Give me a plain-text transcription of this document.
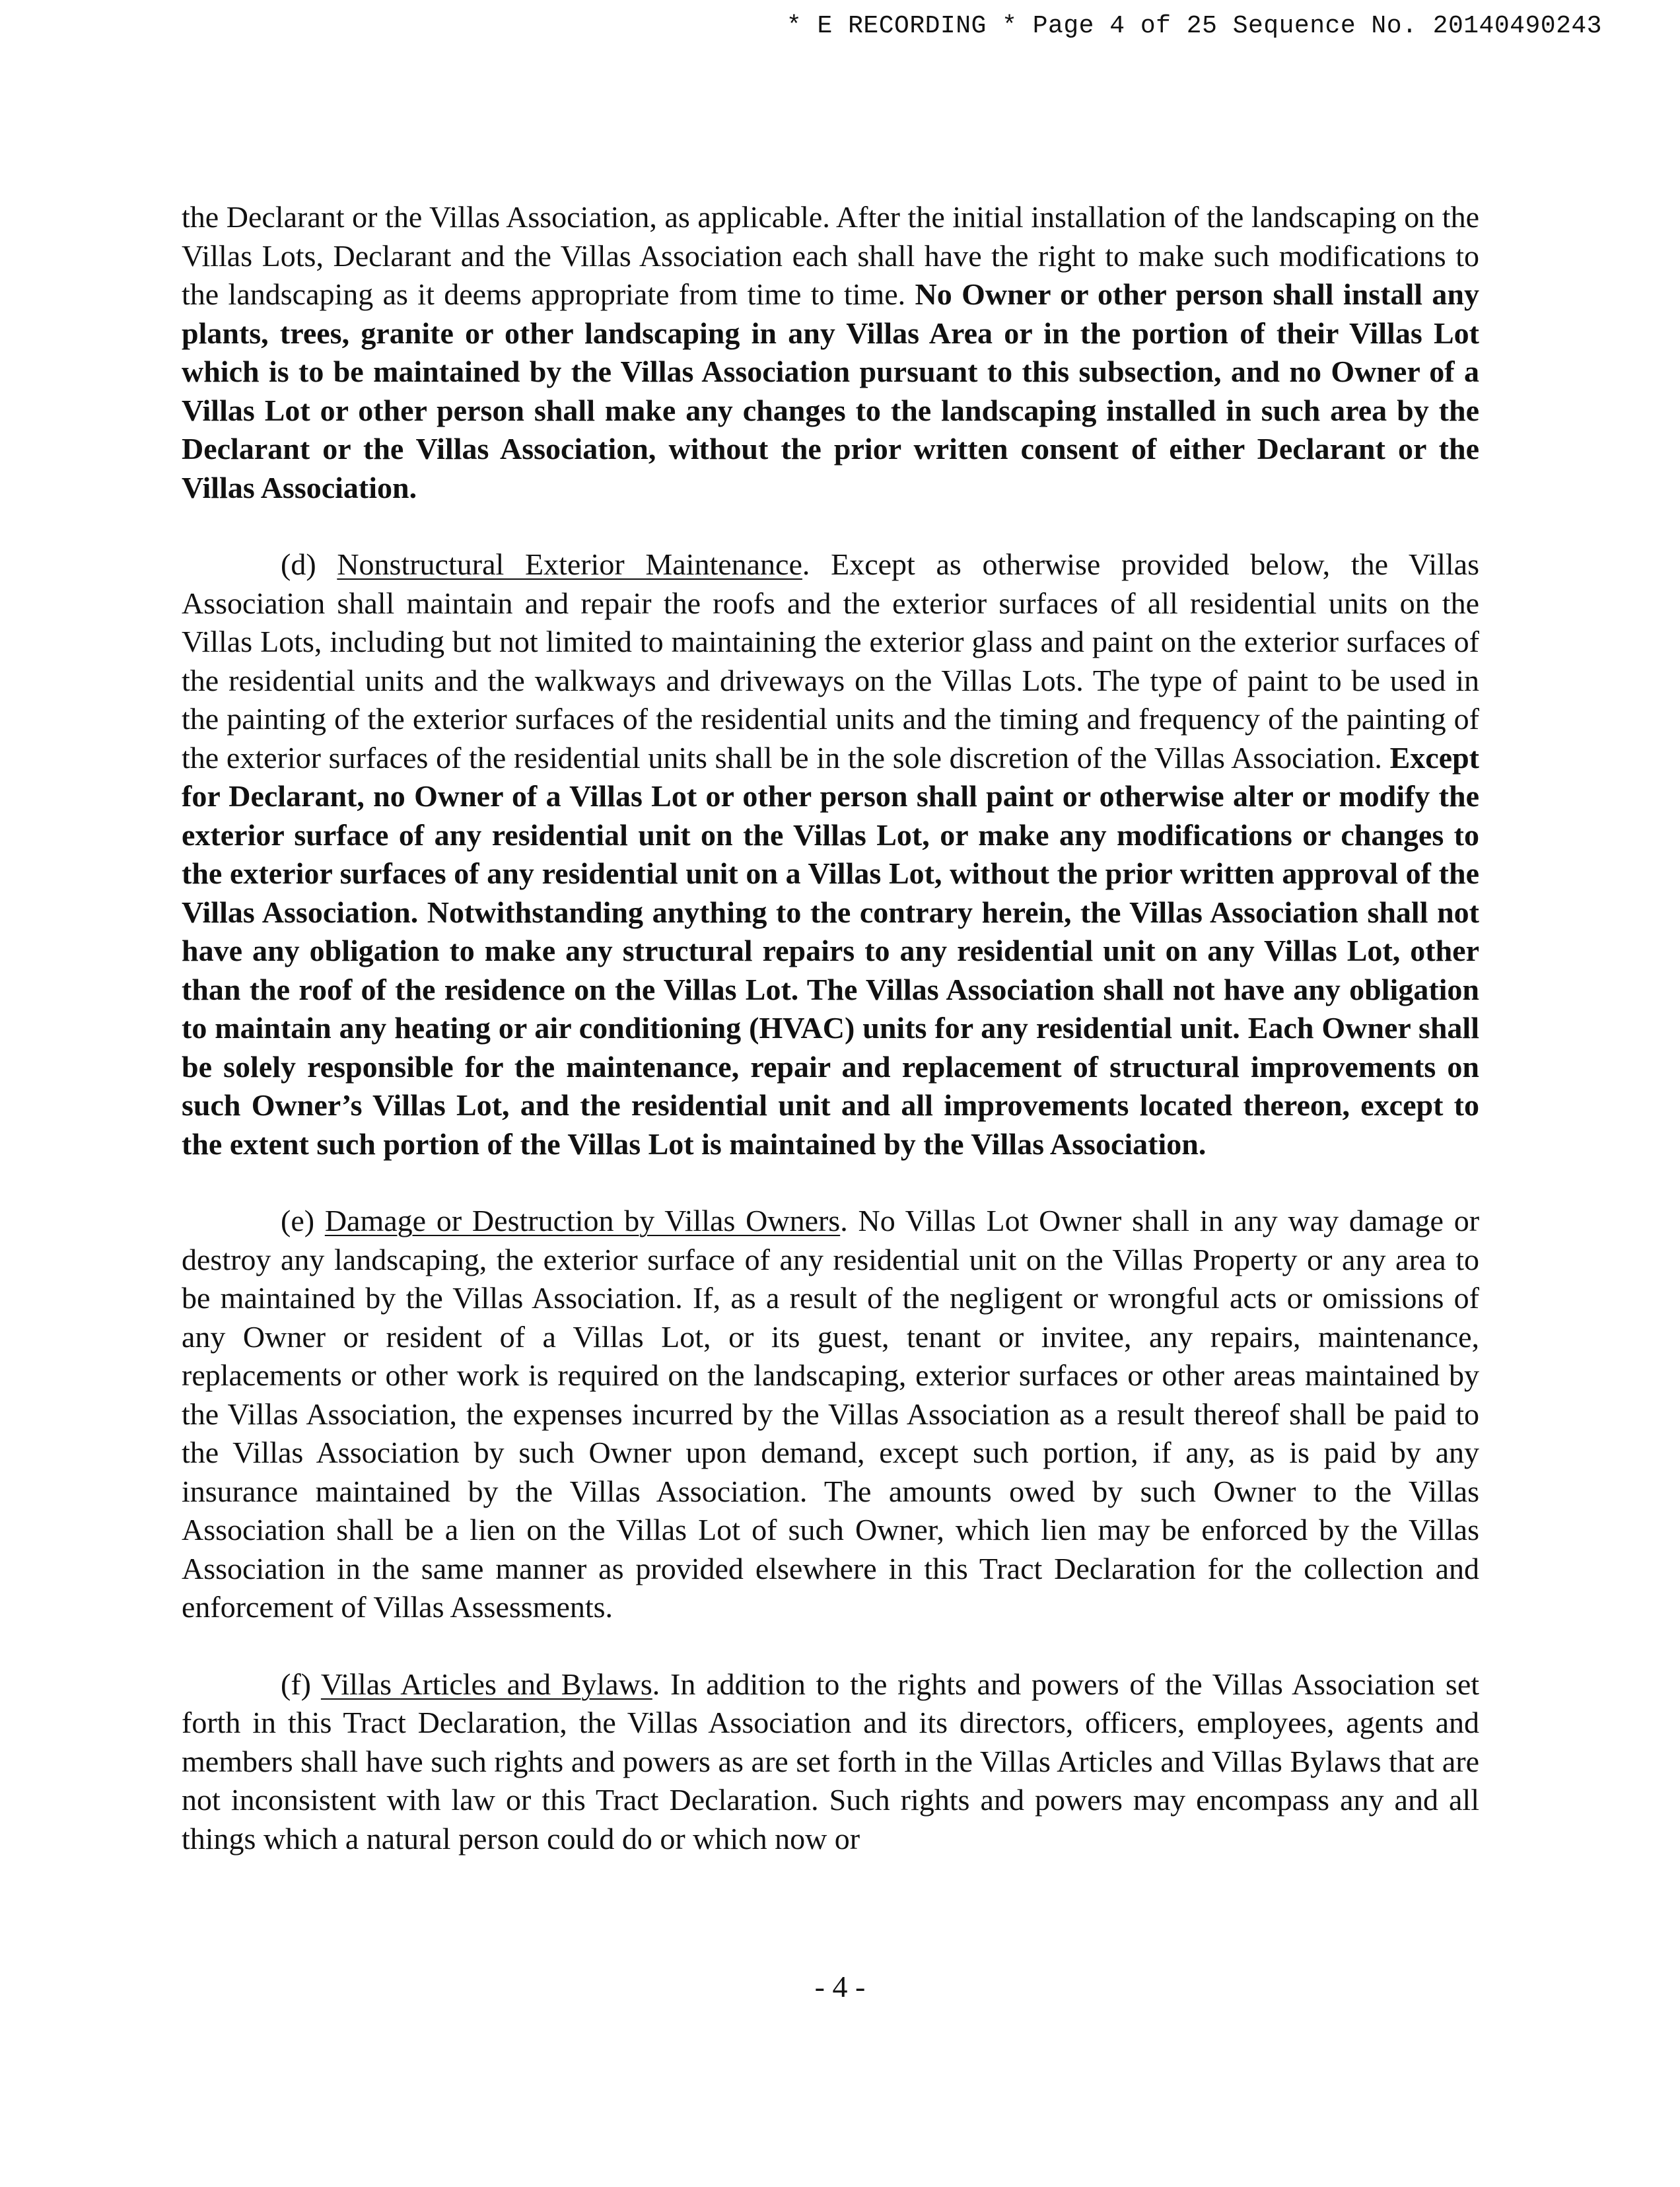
* E RECORDING * Page 4 of 25 Sequence No. 20140490243

the Declarant or the Villas Association, as applicable. After the initial installation of the landscaping on the Villas Lots, Declarant and the Villas Association each shall have the right to make such modifications to the landscaping as it deems appropriate from time to time. No Owner or other person shall install any plants, trees, granite or other landscaping in any Villas Area or in the portion of their Villas Lot which is to be maintained by the Villas Association pursuant to this subsection, and no Owner of a Villas Lot or other person shall make any changes to the landscaping installed in such area by the Declarant or the Villas Association, without the prior written consent of either Declarant or the Villas Association.

(d) Nonstructural Exterior Maintenance. Except as otherwise provided below, the Villas Association shall maintain and repair the roofs and the exterior surfaces of all residential units on the Villas Lots, including but not limited to maintaining the exterior glass and paint on the exterior surfaces of the residential units and the walkways and driveways on the Villas Lots. The type of paint to be used in the painting of the exterior surfaces of the residential units and the timing and frequency of the painting of the exterior surfaces of the residential units shall be in the sole discretion of the Villas Association. Except for Declarant, no Owner of a Villas Lot or other person shall paint or otherwise alter or modify the exterior surface of any residential unit on the Villas Lot, or make any modifications or changes to the exterior surfaces of any residential unit on a Villas Lot, without the prior written approval of the Villas Association. Notwithstanding anything to the contrary herein, the Villas Association shall not have any obligation to make any structural repairs to any residential unit on any Villas Lot, other than the roof of the residence on the Villas Lot. The Villas Association shall not have any obligation to maintain any heating or air conditioning (HVAC) units for any residential unit. Each Owner shall be solely responsible for the maintenance, repair and replacement of structural improvements on such Owner’s Villas Lot, and the residential unit and all improvements located thereon, except to the extent such portion of the Villas Lot is maintained by the Villas Association.

(e) Damage or Destruction by Villas Owners. No Villas Lot Owner shall in any way damage or destroy any landscaping, the exterior surface of any residential unit on the Villas Property or any area to be maintained by the Villas Association. If, as a result of the negligent or wrongful acts or omissions of any Owner or resident of a Villas Lot, or its guest, tenant or invitee, any repairs, maintenance, replacements or other work is required on the landscaping, exterior surfaces or other areas maintained by the Villas Association, the expenses incurred by the Villas Association as a result thereof shall be paid to the Villas Association by such Owner upon demand, except such portion, if any, as is paid by any insurance maintained by the Villas Association. The amounts owed by such Owner to the Villas Association shall be a lien on the Villas Lot of such Owner, which lien may be enforced by the Villas Association in the same manner as provided elsewhere in this Tract Declaration for the collection and enforcement of Villas Assessments.

(f) Villas Articles and Bylaws. In addition to the rights and powers of the Villas Association set forth in this Tract Declaration, the Villas Association and its directors, officers, employees, agents and members shall have such rights and powers as are set forth in the Villas Articles and Villas Bylaws that are not inconsistent with law or this Tract Declaration. Such rights and powers may encompass any and all things which a natural person could do or which now or

- 4 -
